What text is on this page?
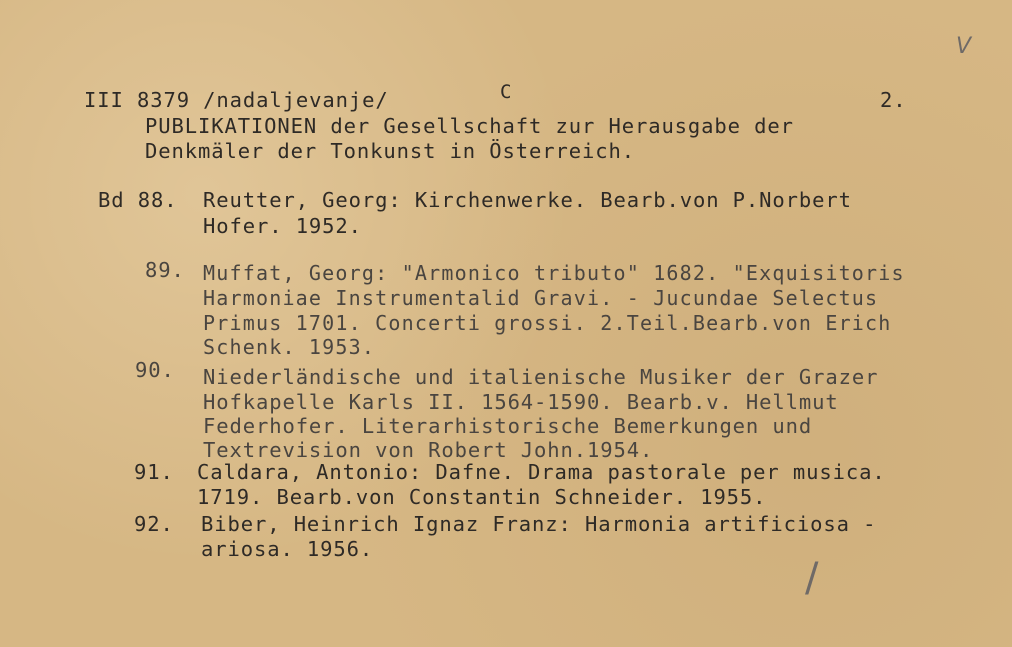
V
III 8379 /nadaljevanje/	C	2.
PUBLIKATIONEN der Gesellschaft zur Herausgabe der
Denkmäler der Tonkunst in Österreich.
Bd 88. Reutter, Georg: Kirchenwerke. Bearb.von P.Norbert
Hofer. 1952.
89. Muffat, Georg: "Armonico tributo" 1682. "Exquisitoris
Harmoniae Instrumentalid Gravi. - Jucundae Selectus
Primus 1701. Concerti grossi. 2.Teil.Bearb.von Erich
Schenk. 1953.
90. Niederländische und italienische Musiker der Grazer
Hofkapelle Karls II. 1564-1590. Bearb.v. Hellmut
Federhofer. Literarhistorische Bemerkungen und
Textrevision von Robert John.1954.
91. Caldara, Antonio: Dafne. Drama pastorale per musica.
1719. Bearb.von Constantin Schneider. 1955.
92. Biber, Heinrich Ignaz Franz: Harmonia artificiosa -
ariosa. 1956.
/
